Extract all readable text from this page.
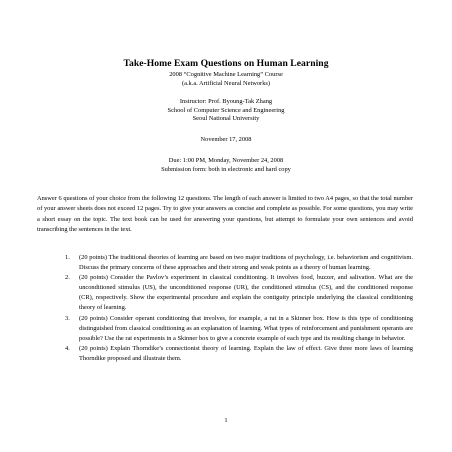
Take-Home Exam Questions on Human Learning
2008 “Cognitive Machine Learning” Course
(a.k.a. Artificial Neural Networks)
Instructor: Prof. Byoung-Tak Zhang
School of Computer Science and Engineering
Seoul National University
November 17, 2008
Due: 1:00 PM, Monday, November 24, 2008
Submission form: both in electronic and hard copy

Answer 6 questions of your choice from the following 12 questions. The length of each answer is limited to two A4 pages, so that the total number of your answer sheets does not exceed 12 pages. Try to give your answers as concise and complete as possible. For some questions, you may write a short essay on the topic. The text book can be used for answering your questions, but attempt to formulate your own sentences and avoid transcribing the sentences in the text.

1. (20 points) The traditional theories of learning are based on two major traditions of psychology, i.e. behaviorism and cognitivism. Discuss the primary concerns of these approaches and their strong and weak points as a theory of human learning.
2. (20 points) Consider the Pavlov’s experiment in classical conditioning. It involves food, buzzer, and salivation. What are the unconditioned stimulus (US), the unconditioned response (UR), the conditioned stimulus (CS), and the conditioned response (CR), respectively. Show the experimental procedure and explain the contiguity principle underlying the classical conditioning theory of learning.
3. (20 points) Consider operant conditioning that involves, for example, a rat in a Skinner box. How is this type of conditioning distinguished from classical conditioning as an explanation of learning. What types of reinforcement and punishment operants are possible? Use the rat experiments in a Skinner box to give a concrete example of each type and its resulting change in behavior.
4. (20 points) Explain Thorndike’s connectionist theory of learning. Explain the law of effect. Give three more laws of learning Thorndike proposed and illustrate them.
1
